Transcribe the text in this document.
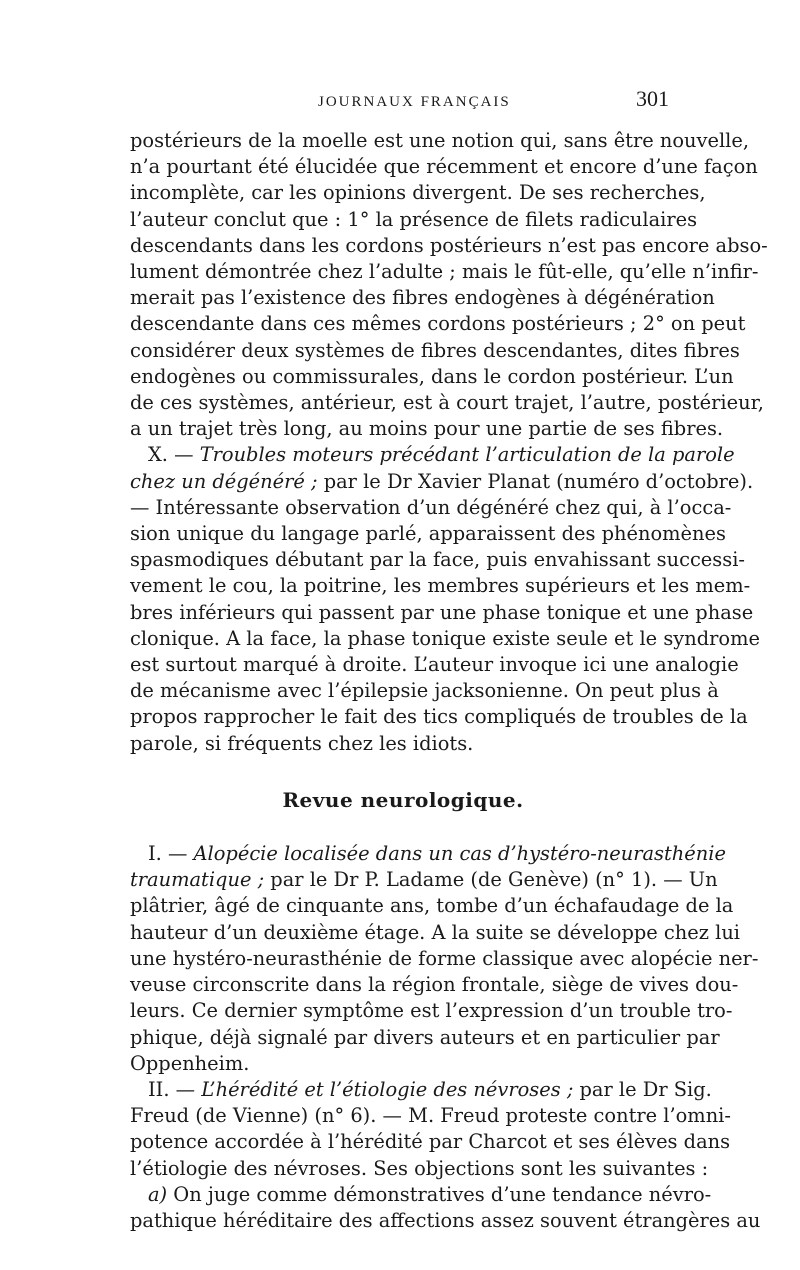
JOURNAUX FRANÇAIS	301
postérieurs de la moelle est une notion qui, sans être nouvelle,
n’a pourtant été élucidée que récemment et encore d’une façon
incomplète, car les opinions divergent. De ses recherches,
l’auteur conclut que : 1° la présence de filets radiculaires
descendants dans les cordons postérieurs n’est pas encore abso-
lument démontrée chez l’adulte ; mais le fût-elle, qu’elle n’infir-
merait pas l’existence des fibres endogènes à dégénération
descendante dans ces mêmes cordons postérieurs ; 2° on peut
considérer deux systèmes de fibres descendantes, dites fibres
endogènes ou commissurales, dans le cordon postérieur. L’un
de ces systèmes, antérieur, est à court trajet, l’autre, postérieur,
a un trajet très long, au moins pour une partie de ses fibres.
X. — Troubles moteurs précédant l’articulation de la parole
chez un dégénéré ; par le Dr Xavier Planat (numéro d’octobre).
— Intéressante observation d’un dégénéré chez qui, à l’occa-
sion unique du langage parlé, apparaissent des phénomènes
spasmodiques débutant par la face, puis envahissant successi-
vement le cou, la poitrine, les membres supérieurs et les mem-
bres inférieurs qui passent par une phase tonique et une phase
clonique. A la face, la phase tonique existe seule et le syndrome
est surtout marqué à droite. L’auteur invoque ici une analogie
de mécanisme avec l’épilepsie jacksonienne. On peut plus à
propos rapprocher le fait des tics compliqués de troubles de la
parole, si fréquents chez les idiots.
Revue neurologique.
I. — Alopécie localisée dans un cas d’hystéro-neurasthénie
traumatique ; par le Dr P. Ladame (de Genève) (n° 1). — Un
plâtrier, âgé de cinquante ans, tombe d’un échafaudage de la
hauteur d’un deuxième étage. A la suite se développe chez lui
une hystéro-neurasthénie de forme classique avec alopécie ner-
veuse circonscrite dans la région frontale, siège de vives dou-
leurs. Ce dernier symptôme est l’expression d’un trouble tro-
phique, déjà signalé par divers auteurs et en particulier par
Oppenheim.
II. — L’hérédité et l’étiologie des névroses ; par le Dr Sig.
Freud (de Vienne) (n° 6). — M. Freud proteste contre l’omni-
potence accordée à l’hérédité par Charcot et ses élèves dans
l’étiologie des névroses. Ses objections sont les suivantes :
a) On juge comme démonstratives d’une tendance névro-
pathique héréditaire des affections assez souvent étrangères au
